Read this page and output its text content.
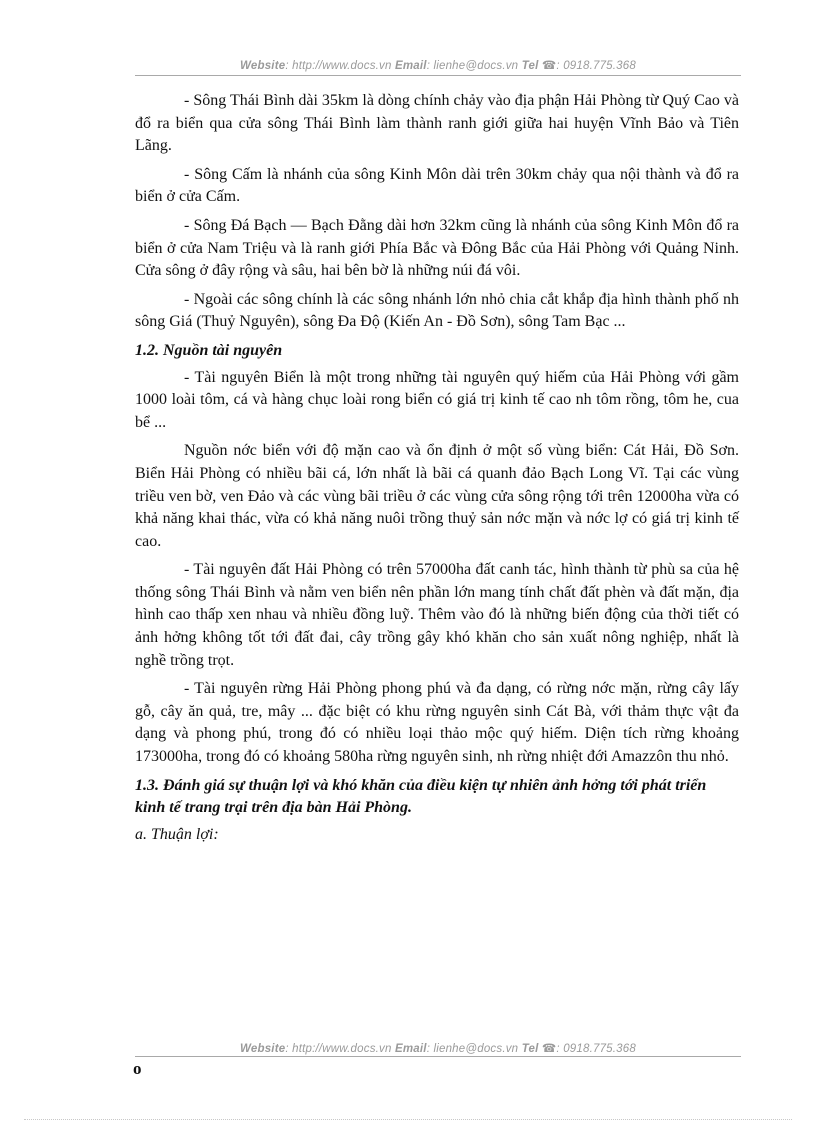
Website: http://www.docs.vn Email: lienhe@docs.vn Tel ☎: 0918.775.368

- Sông Thái Bình dài 35km là dòng chính chảy vào địa phận Hải Phòng từ Quý Cao và đổ ra biển qua cửa sông Thái Bình làm thành ranh giới giữa hai huyện Vĩnh Bảo và Tiên Lãng.

- Sông Cấm là nhánh của sông Kinh Môn dài trên 30km chảy qua nội thành và đổ ra biển ở cửa Cấm.

- Sông Đá Bạch — Bạch Đằng dài hơn 32km cũng là nhánh của sông Kinh Môn đổ ra biển ở cửa Nam Triệu và là ranh giới Phía Bắc và Đông Bắc của Hải Phòng với Quảng Ninh. Cửa sông ở đây rộng và sâu, hai bên bờ là những núi đá vôi.

- Ngoài các sông chính là các sông nhánh lớn nhỏ chia cắt khắp địa hình thành phố nh sông Giá (Thuỷ Nguyên), sông Đa Độ (Kiến An - Đồ Sơn), sông Tam Bạc ...

1.2. Nguồn tài nguyên

- Tài nguyên Biển là một trong những tài nguyên quý hiếm của Hải Phòng với gầm 1000 loài tôm, cá và hàng chục loài rong biển có giá trị kinh tế cao nh tôm rồng, tôm he, cua bể ...

Nguồn nớc biển với độ mặn cao và ổn định ở một số vùng biển: Cát Hải, Đồ Sơn. Biển Hải Phòng có nhiều bãi cá, lớn nhất là bãi cá quanh đảo Bạch Long Vĩ. Tại các vùng triều ven bờ, ven Đảo và các vùng bãi triều ở các vùng cửa sông rộng tới trên 12000ha vừa có khả năng khai thác, vừa có khả năng nuôi trồng thuỷ sản nớc mặn và nớc lợ có giá trị kinh tế cao.

- Tài nguyên đất Hải Phòng có trên 57000ha đất canh tác, hình thành từ phù sa của hệ thống sông Thái Bình và nằm ven biển nên phần lớn mang tính chất đất phèn và đất mặn, địa hình cao thấp xen nhau và nhiều đồng luỹ. Thêm vào đó là những biến động của thời tiết có ảnh hởng không tốt tới đất đai, cây trồng gây khó khăn cho sản xuất nông nghiệp, nhất là nghề trồng trọt.

- Tài nguyên rừng Hải Phòng phong phú và đa dạng, có rừng nớc mặn, rừng cây lấy gỗ, cây ăn quả, tre, mây ... đặc biệt có khu rừng nguyên sinh Cát Bà, với thảm thực vật đa dạng và phong phú, trong đó có nhiều loại thảo mộc quý hiếm. Diện tích rừng khoảng 173000ha, trong đó có khoảng 580ha rừng nguyên sinh, nh rừng nhiệt đới Amazzôn thu nhỏ.

1.3. Đánh giá sự thuận lợi và khó khăn của điều kiện tự nhiên ảnh hởng tới phát triển kinh tế trang trại trên địa bàn Hải Phòng.
a. Thuận lợi:
Website: http://www.docs.vn Email: lienhe@docs.vn Tel ☎: 0918.775.368
o
